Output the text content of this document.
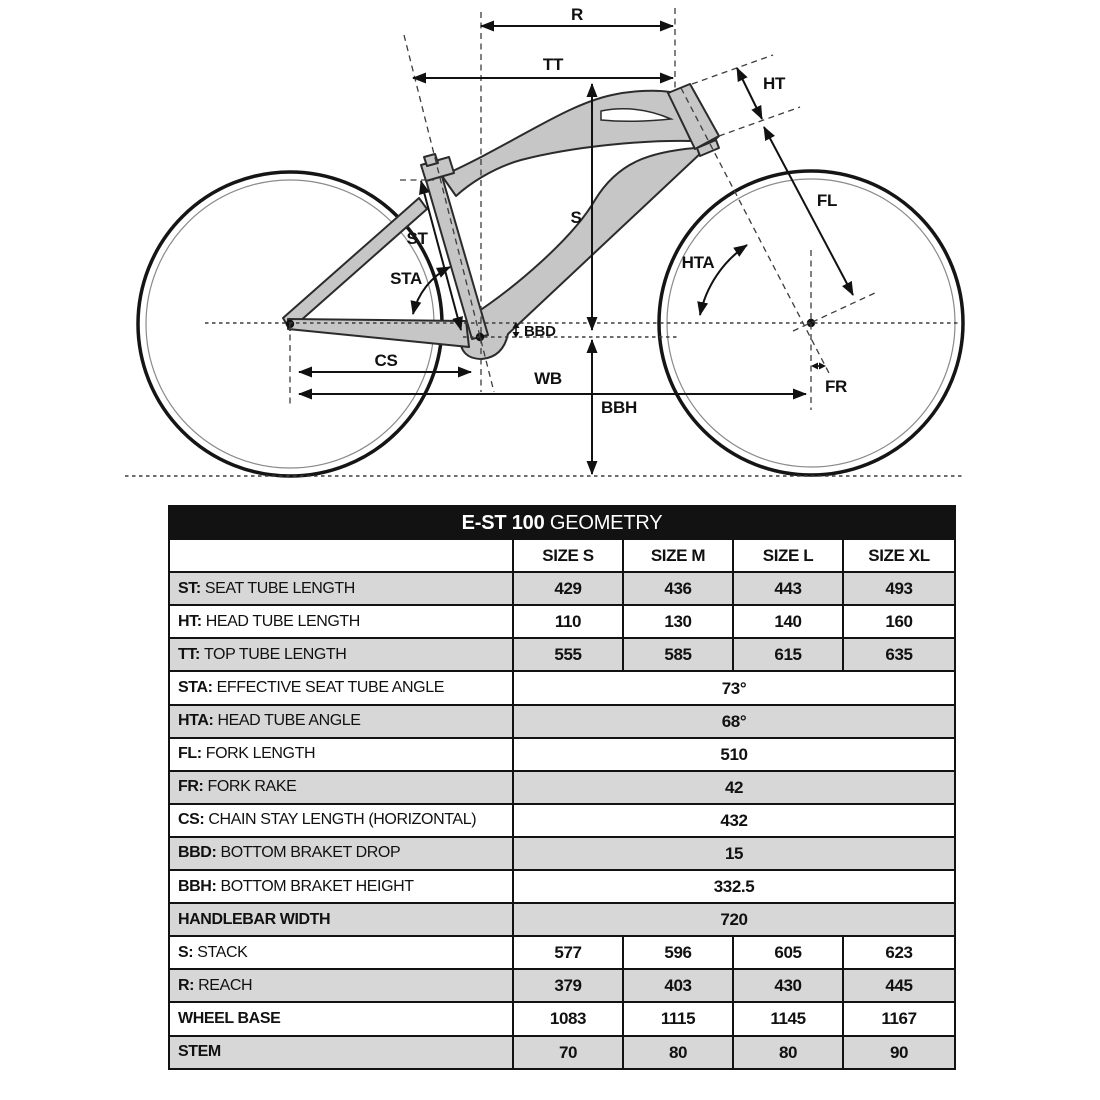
R
TT
HT
S
ST
STA
HTA
FL
FR
BBD
CS
WB
BBH
E-ST 100 GEOMETRY				
	SIZE S	SIZE M	SIZE L	SIZE XL
ST: SEAT TUBE LENGTH	429	436	443	493
HT: HEAD TUBE LENGTH	110	130	140	160
TT: TOP TUBE LENGTH	555	585	615	635
STA: EFFECTIVE SEAT TUBE ANGLE	73°			
HTA: HEAD TUBE ANGLE	68°			
FL: FORK LENGTH	510			
FR: FORK RAKE	42			
CS: CHAIN STAY LENGTH (HORIZONTAL)	432			
BBD: BOTTOM BRAKET DROP	15			
BBH: BOTTOM BRAKET HEIGHT	332.5			
HANDLEBAR WIDTH	720			
S: STACK	577	596	605	623
R: REACH	379	403	430	445
WHEEL BASE	1083	1115	1145	1167
STEM	70	80	80	90
